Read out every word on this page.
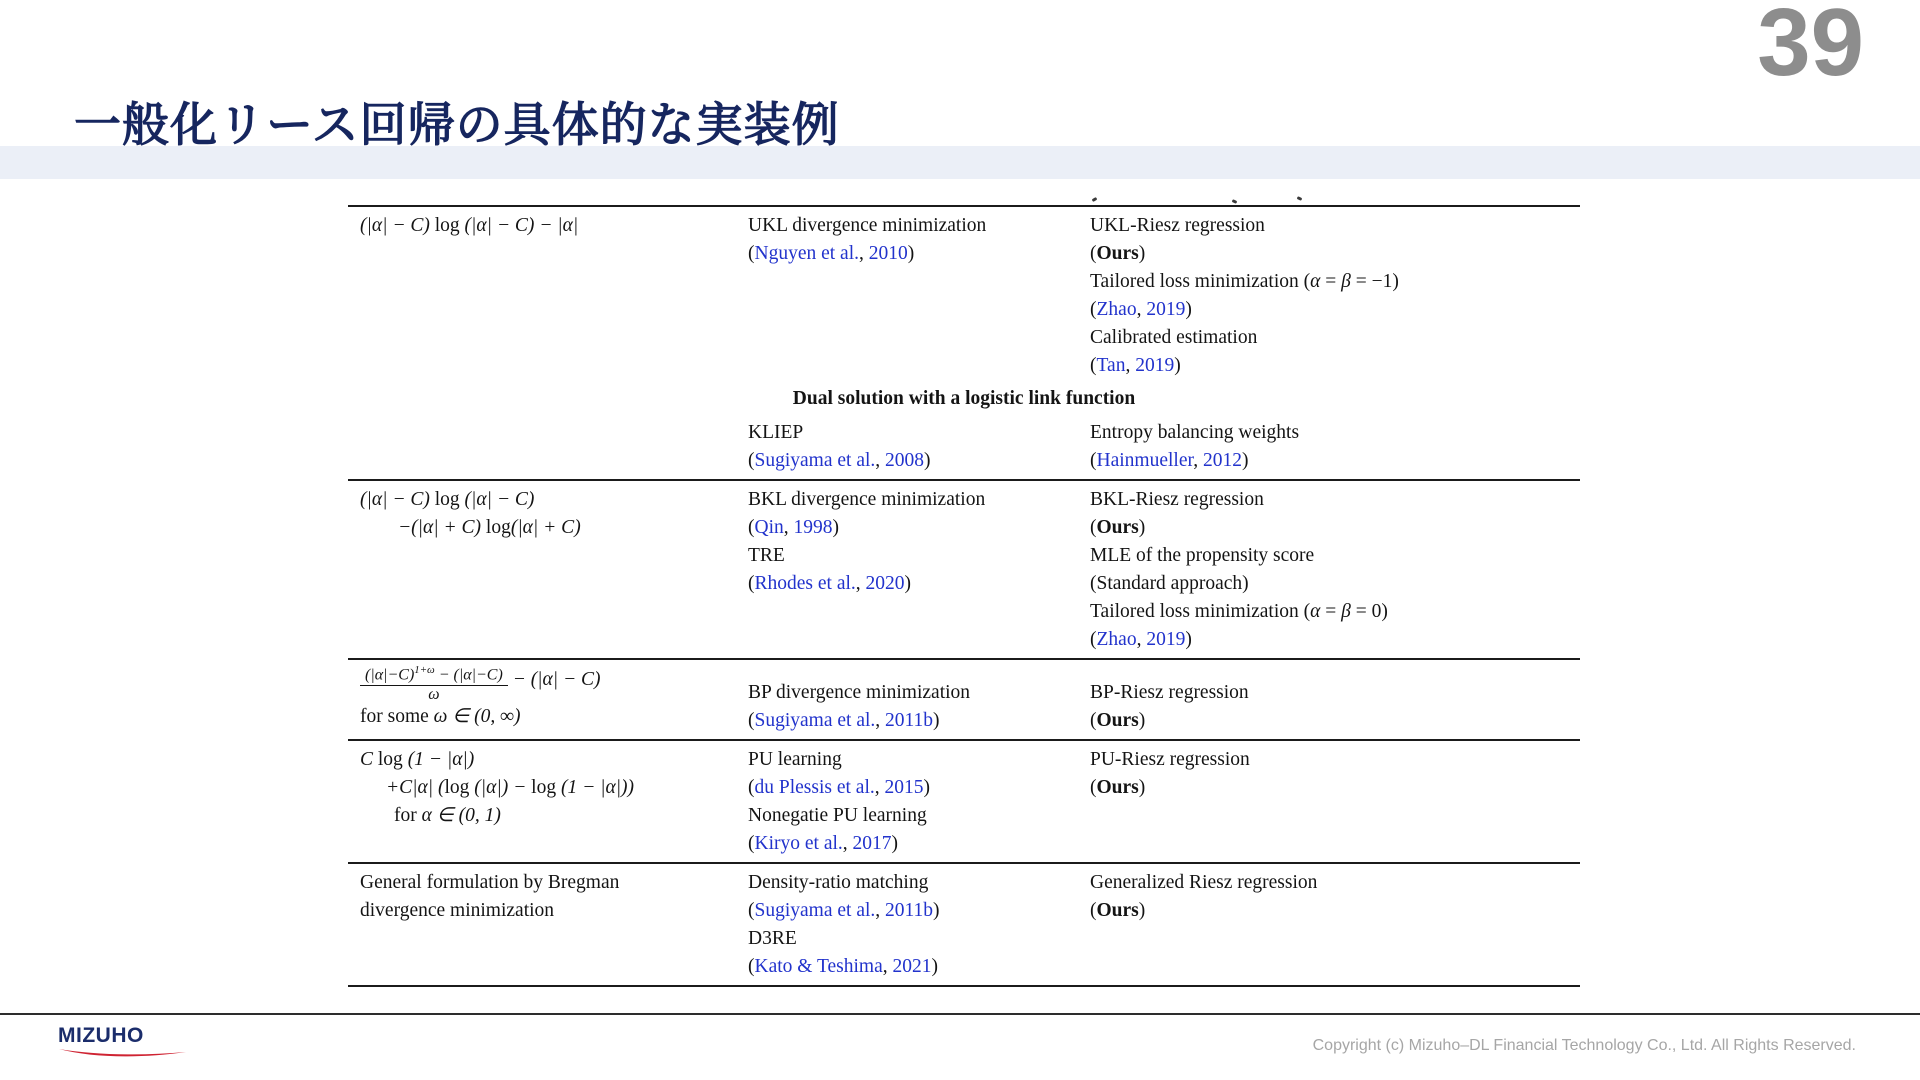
一般化リース回帰の具体的な実装例
39
(|α| − C) log (|α| − C) − |α|	UKL divergence minimization
(Nguyen et al., 2010)
UKL-Riesz regression
(Ours)
Tailored loss minimization (α = β = −1)
(Zhao, 2019)
Calibrated estimation
(Tan, 2019)
Dual solution with a logistic link function
KLIEP
(Sugiyama et al., 2008)
Entropy balancing weights
(Hainmueller, 2012)
(|α| − C) log (|α| − C)
−(|α| + C) log(|α| + C)
BKL divergence minimization
(Qin, 1998)
TRE
(Rhodes et al., 2020)
BKL-Riesz regression
(Ours)
MLE of the propensity score
(Standard approach)
Tailored loss minimization (α = β = 0)
(Zhao, 2019)
$\frac{(|\alpha|-C)^{1+\omega} - (|\alpha|-C)}{\omega} - (|\alpha| - C)$
for some ω ∈ (0, ∞)
BP divergence minimization
(Sugiyama et al., 2011b)
BP-Riesz regression
(Ours)
C log (1 − |α|)
+C|α| (log (|α|) − log (1 − |α|))
for α ∈ (0, 1)
PU learning
(du Plessis et al., 2015)
Nonegatie PU learning
(Kiryo et al., 2017)
PU-Riesz regression
(Ours)
General formulation by Bregman
divergence minimization
Density-ratio matching
(Sugiyama et al., 2011b)
D3RE
(Kato & Teshima, 2021)
Generalized Riesz regression
(Ours)
MIZUHO	Copyright (c) Mizuho–DL Financial Technology Co., Ltd. All Rights Reserved.
